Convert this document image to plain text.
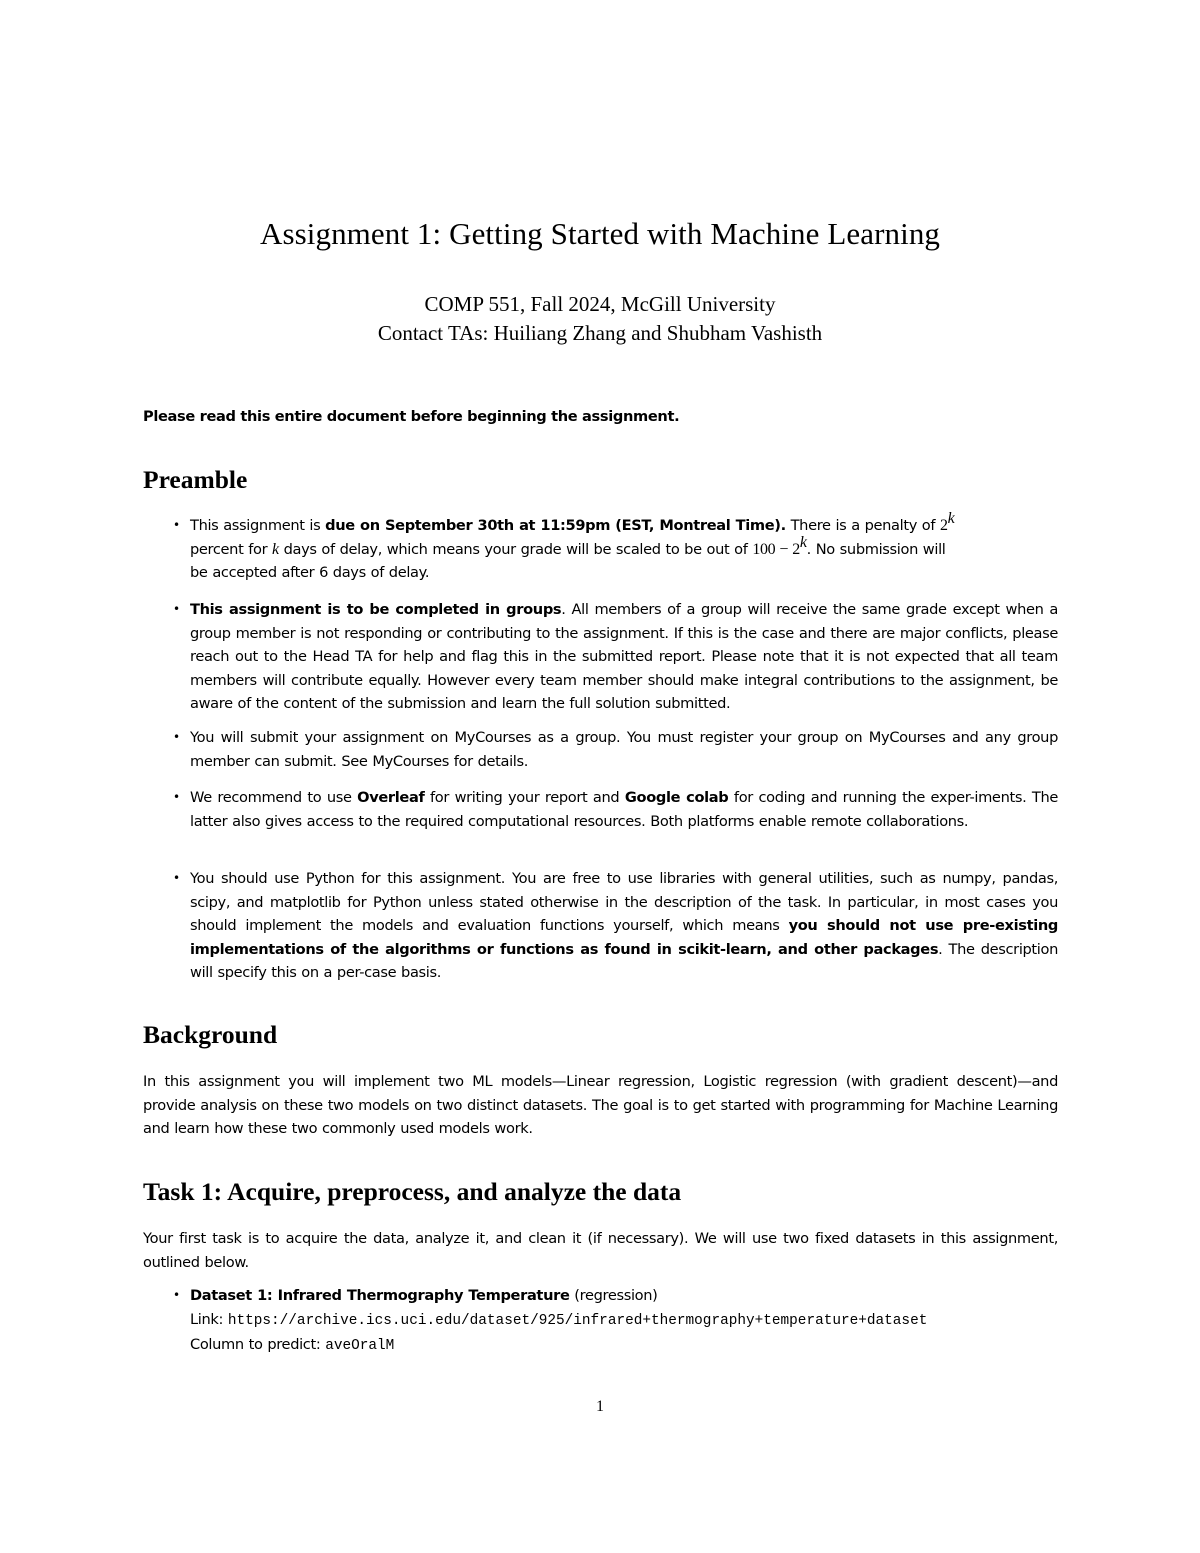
Assignment 1: Getting Started with Machine Learning
COMP 551, Fall 2024, McGill University
Contact TAs: Huiliang Zhang and Shubham Vashisth
Please read this entire document before beginning the assignment.
Preamble
• This assignment is due on September 30th at 11:59pm (EST, Montreal Time). There is a penalty of 2$^k$
percent for k days of delay, which means your grade will be scaled to be out of $100 - 2^k$. No submission will
be accepted after 6 days of delay.
• This assignment is to be completed in groups. All members of a group will receive the same grade except when a group member is not responding or contributing to the assignment. If this is the case and there are major conflicts, please reach out to the Head TA for help and flag this in the submitted report. Please note that it is not expected that all team members will contribute equally. However every team member should make integral contributions to the assignment, be aware of the content of the submission and learn the full solution submitted.
• You will submit your assignment on MyCourses as a group. You must register your group on MyCourses and any group member can submit. See MyCourses for details.
• We recommend to use Overleaf for writing your report and Google colab for coding and running the exper-iments. The latter also gives access to the required computational resources. Both platforms enable remote collaborations.
• You should use Python for this assignment. You are free to use libraries with general utilities, such as numpy, pandas, scipy, and matplotlib for Python unless stated otherwise in the description of the task. In particular, in most cases you should implement the models and evaluation functions yourself, which means you should not use pre-existing implementations of the algorithms or functions as found in scikit-learn, and other packages. The description will specify this on a per-case basis.
Background
In this assignment you will implement two ML models—Linear regression, Logistic regression (with gradient descent)—and provide analysis on these two models on two distinct datasets. The goal is to get started with programming for Machine Learning and learn how these two commonly used models work.
Task 1: Acquire, preprocess, and analyze the data
Your first task is to acquire the data, analyze it, and clean it (if necessary). We will use two fixed datasets in this assignment, outlined below.
• Dataset 1: Infrared Thermography Temperature (regression)
Link: https://archive.ics.uci.edu/dataset/925/infrared+thermography+temperature+dataset
Column to predict: aveOralM
1
